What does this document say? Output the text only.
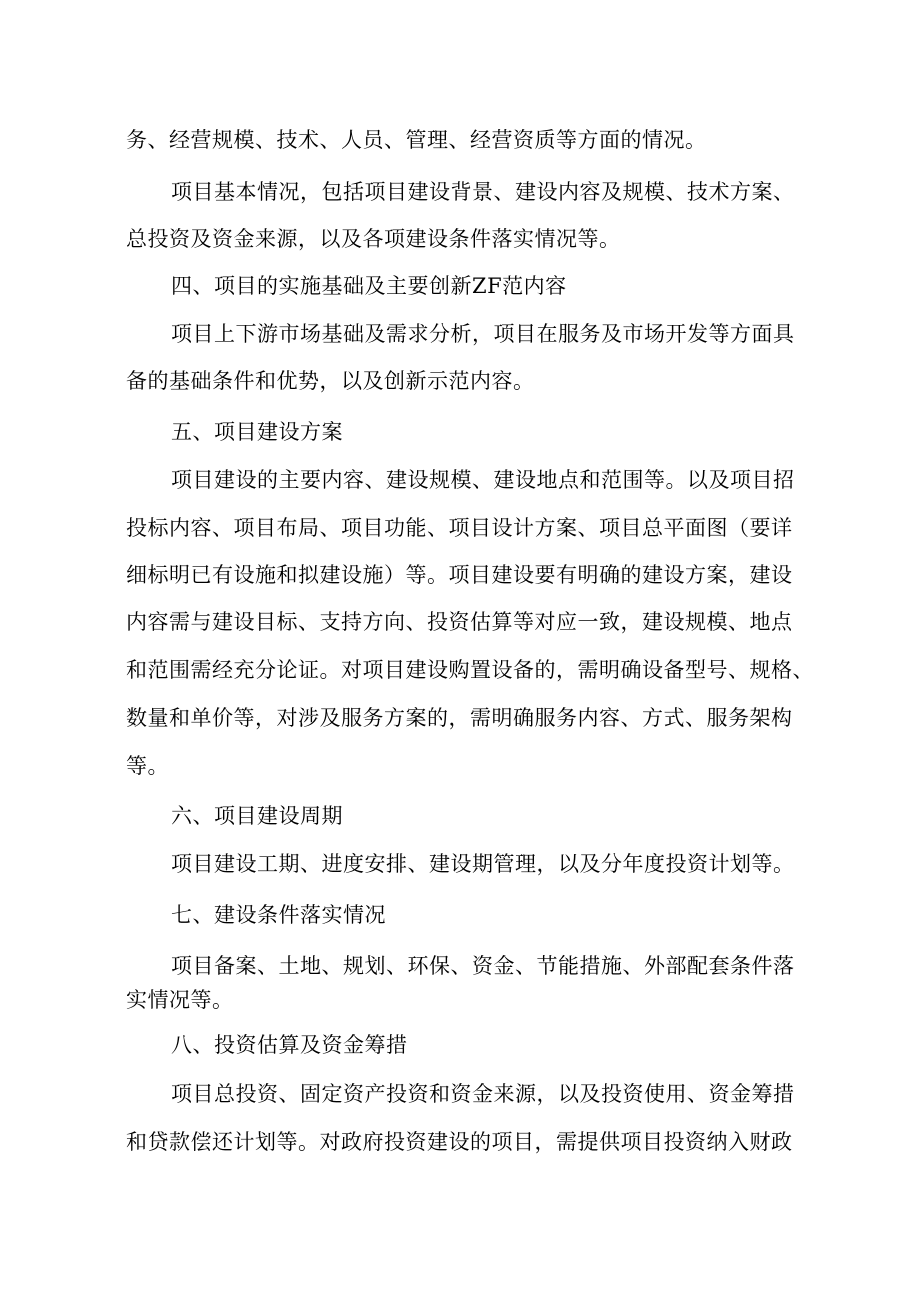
务、经营规模、技术、人员、管理、经营资质等方面的情况。
项目基本情况，包括项目建设背景、建设内容及规模、技术方案、
总投资及资金来源，以及各项建设条件落实情况等。
四、项目的实施基础及主要创新ZF范内容
项目上下游市场基础及需求分析，项目在服务及市场开发等方面具
备的基础条件和优势，以及创新示范内容。
五、项目建设方案
项目建设的主要内容、建设规模、建设地点和范围等。以及项目招
投标内容、项目布局、项目功能、项目设计方案、项目总平面图（要详
细标明已有设施和拟建设施）等。项目建设要有明确的建设方案，建设
内容需与建设目标、支持方向、投资估算等对应一致，建设规模、地点
和范围需经充分论证。对项目建设购置设备的，需明确设备型号、规格、
数量和单价等，对涉及服务方案的，需明确服务内容、方式、服务架构
等。
六、项目建设周期
项目建设工期、进度安排、建设期管理，以及分年度投资计划等。
七、建设条件落实情况
项目备案、土地、规划、环保、资金、节能措施、外部配套条件落
实情况等。
八、投资估算及资金筹措
项目总投资、固定资产投资和资金来源，以及投资使用、资金筹措
和贷款偿还计划等。对政府投资建设的项目，需提供项目投资纳入财政
